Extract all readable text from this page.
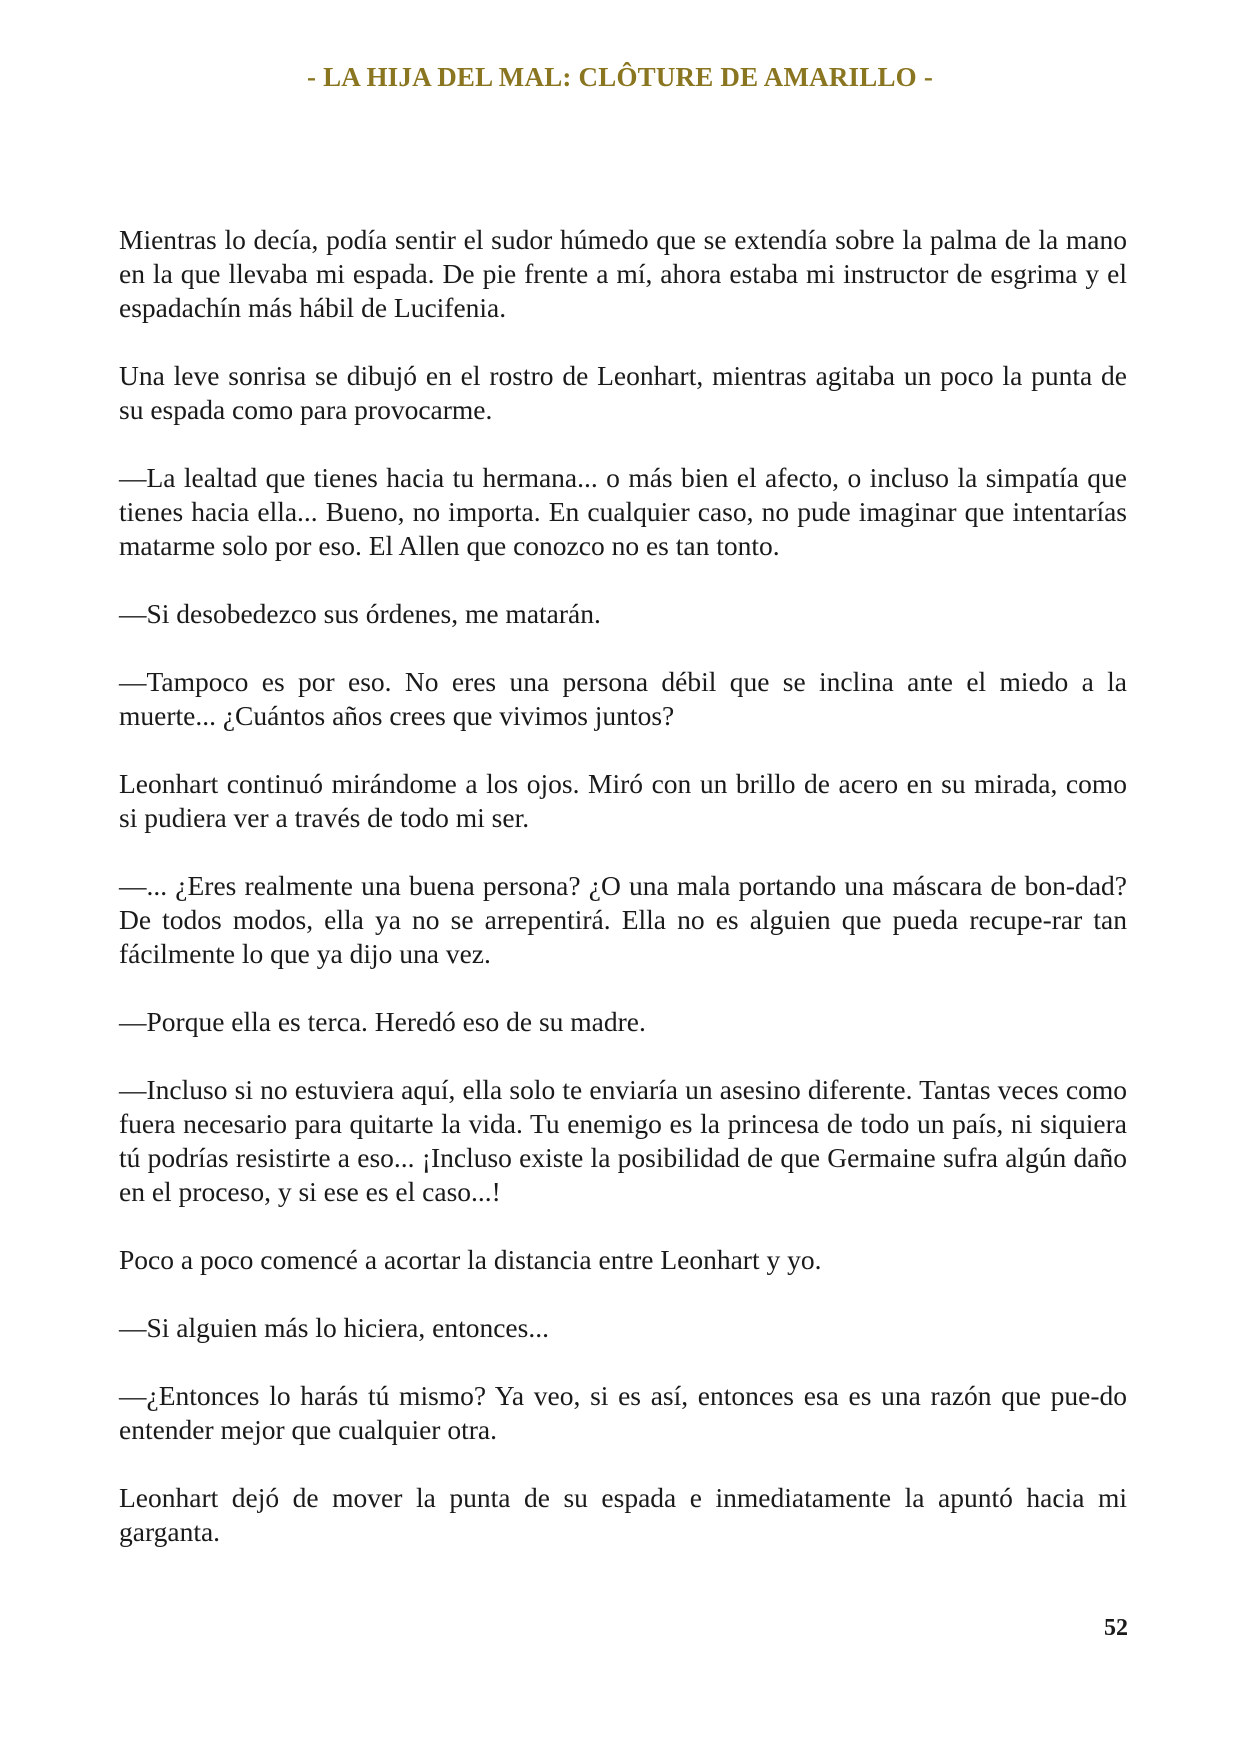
- LA HIJA DEL MAL: CLÔTURE DE AMARILLO -

Mientras lo decía, podía sentir el sudor húmedo que se extendía sobre la palma de la mano en la que llevaba mi espada. De pie frente a mí, ahora estaba mi instructor de esgrima y el espadachín más hábil de Lucifenia.

Una leve sonrisa se dibujó en el rostro de Leonhart, mientras agitaba un poco la punta de su espada como para provocarme.

—La lealtad que tienes hacia tu hermana... o más bien el afecto, o incluso la simpatía que tienes hacia ella... Bueno, no importa. En cualquier caso, no pude imaginar que intentarías matarme solo por eso. El Allen que conozco no es tan tonto.

—Si desobedezco sus órdenes, me matarán.

—Tampoco es por eso. No eres una persona débil que se inclina ante el miedo a la muerte... ¿Cuántos años crees que vivimos juntos?

Leonhart continuó mirándome a los ojos. Miró con un brillo de acero en su mirada, como si pudiera ver a través de todo mi ser.

—... ¿Eres realmente una buena persona? ¿O una mala portando una máscara de bon-dad? De todos modos, ella ya no se arrepentirá. Ella no es alguien que pueda recupe-rar tan fácilmente lo que ya dijo una vez.

—Porque ella es terca. Heredó eso de su madre.

—Incluso si no estuviera aquí, ella solo te enviaría un asesino diferente. Tantas veces como fuera necesario para quitarte la vida. Tu enemigo es la princesa de todo un país, ni siquiera tú podrías resistirte a eso... ¡Incluso existe la posibilidad de que Germaine sufra algún daño en el proceso, y si ese es el caso...!

Poco a poco comencé a acortar la distancia entre Leonhart y yo.

—Si alguien más lo hiciera, entonces...

—¿Entonces lo harás tú mismo? Ya veo, si es así, entonces esa es una razón que pue-do entender mejor que cualquier otra.

Leonhart dejó de mover la punta de su espada e inmediatamente la apuntó hacia mi garganta.

52
